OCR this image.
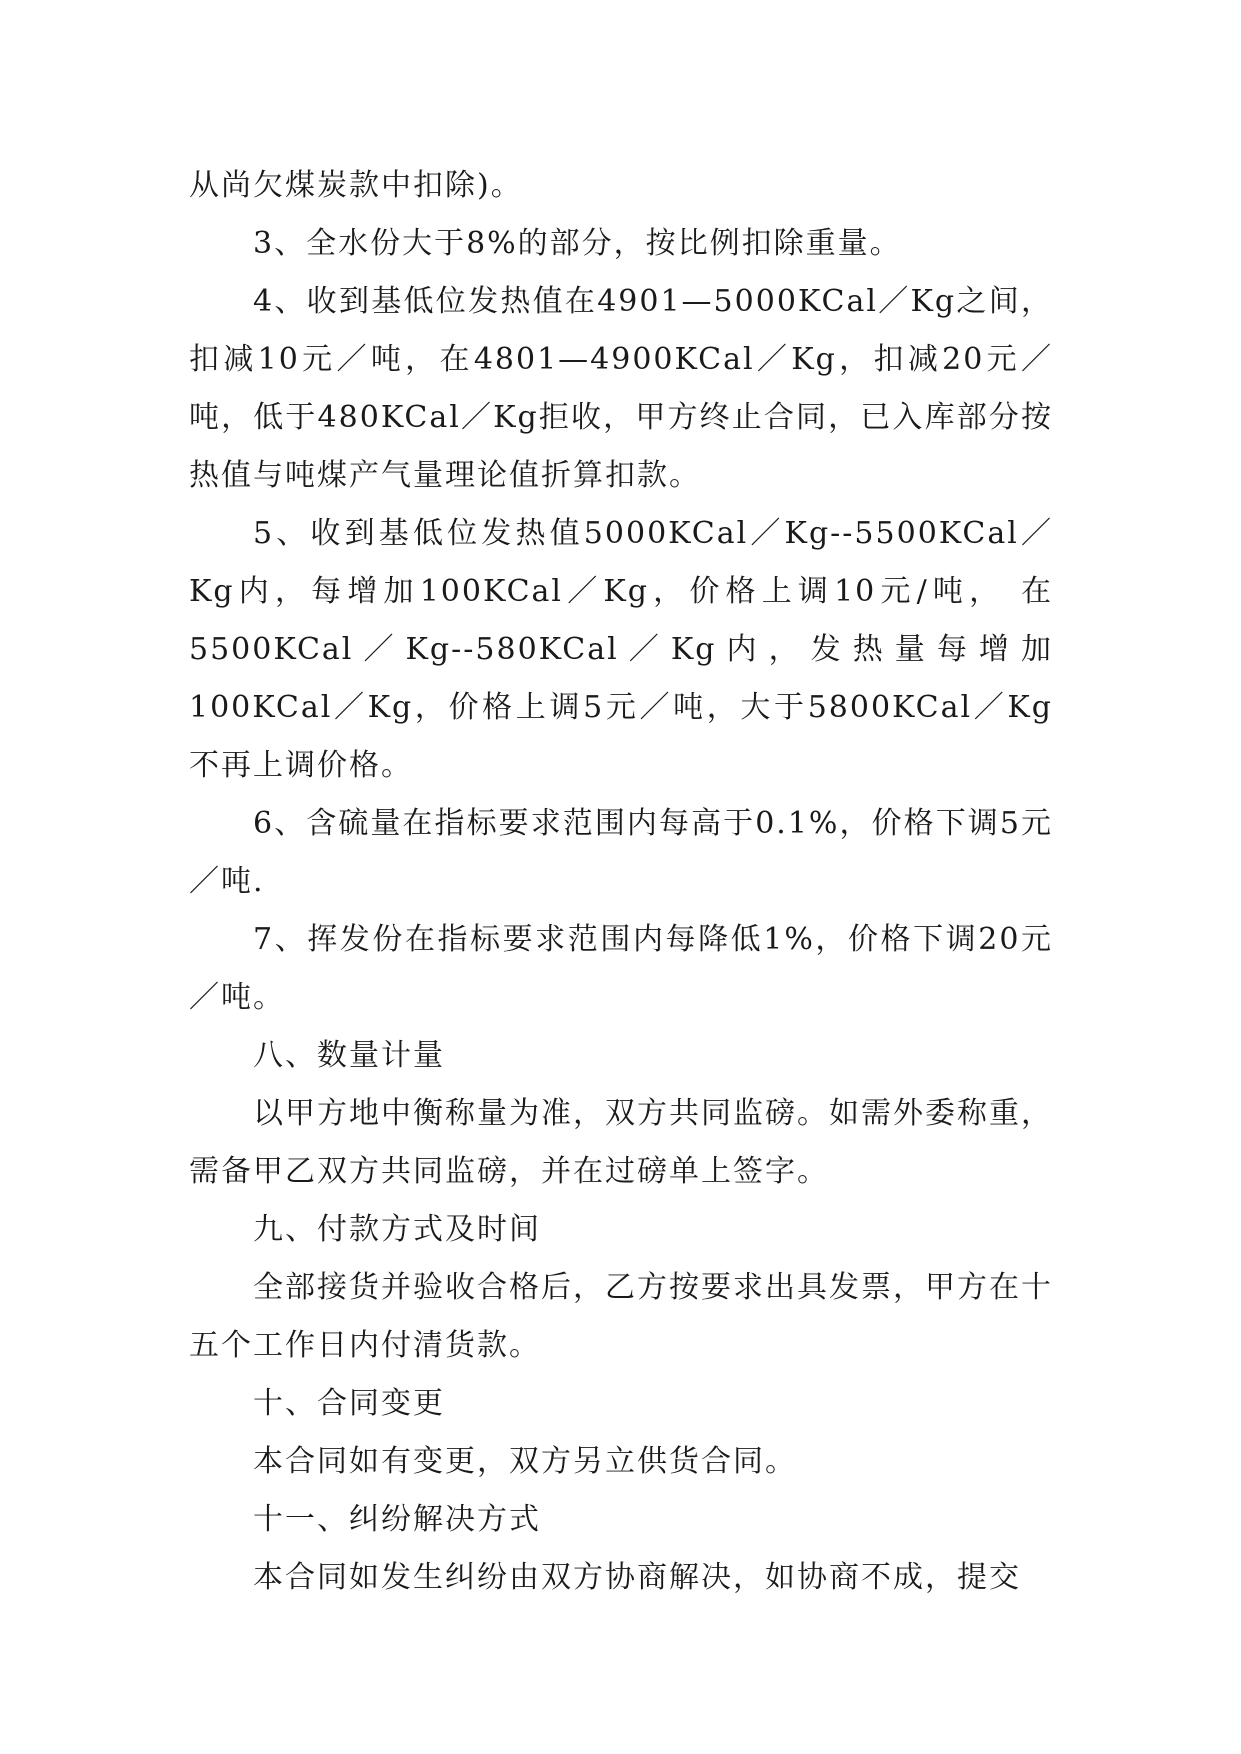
从尚欠煤炭款中扣除)。

3、全水份大于8%的部分，按比例扣除重量。

4、收到基低位发热值在4901—5000KCal／Kg之间，扣减10元／吨，在4801—4900KCal／Kg，扣减20元／吨，低于480KCal／Kg拒收，甲方终止合同，已入库部分按热值与吨煤产气量理论值折算扣款。

5、收到基低位发热值5000KCal／Kg--5500KCal／Kg内，每增加100KCal／Kg，价格上调10元/吨， 在5500KCal／Kg--580KCal／Kg内，发热量每增加100KCal／Kg，价格上调5元／吨，大于5800KCal／Kg不再上调价格。

6、含硫量在指标要求范围内每高于0.1%，价格下调5元／吨.

7、挥发份在指标要求范围内每降低1%，价格下调20元／吨。

八、数量计量

以甲方地中衡称量为准，双方共同监磅。如需外委称重，需备甲乙双方共同监磅，并在过磅单上签字。

九、付款方式及时间

全部接货并验收合格后，乙方按要求出具发票，甲方在十五个工作日内付清货款。

十、合同变更

本合同如有变更，双方另立供货合同。

十一、纠纷解决方式

本合同如发生纠纷由双方协商解决，如协商不成，提交
